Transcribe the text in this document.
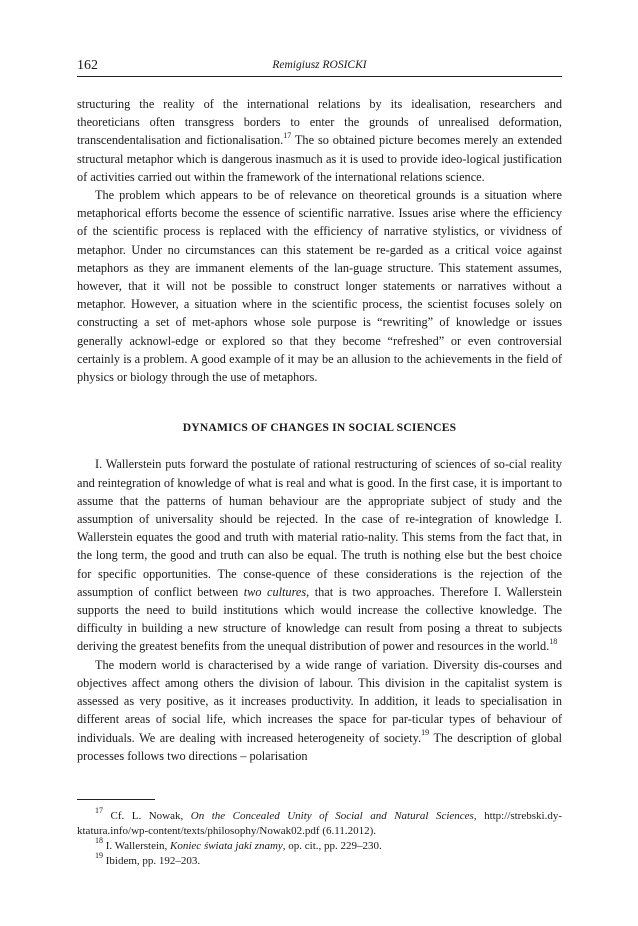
162	Remigiusz ROSICKI

structuring the reality of the international relations by its idealisation, researchers and theoreticians often transgress borders to enter the grounds of unrealised deformation, transcendentalisation and fictionalisation.$^{17}$ The so obtained picture becomes merely an extended structural metaphor which is dangerous inasmuch as it is used to provide ideo-logical justification of activities carried out within the framework of the international relations science.

The problem which appears to be of relevance on theoretical grounds is a situation where metaphorical efforts become the essence of scientific narrative. Issues arise where the efficiency of the scientific process is replaced with the efficiency of narrative stylistics, or vividness of metaphor. Under no circumstances can this statement be re-garded as a critical voice against metaphors as they are immanent elements of the lan-guage structure. This statement assumes, however, that it will not be possible to construct longer statements or narratives without a metaphor. However, a situation where in the scientific process, the scientist focuses solely on constructing a set of met-aphors whose sole purpose is “rewriting” of knowledge or issues generally acknowl-edge or explored so that they become “refreshed” or even controversial certainly is a problem. A good example of it may be an allusion to the achievements in the field of physics or biology through the use of metaphors.

DYNAMICS OF CHANGES IN SOCIAL SCIENCES

I. Wallerstein puts forward the postulate of rational restructuring of sciences of so-cial reality and reintegration of knowledge of what is real and what is good. In the first case, it is important to assume that the patterns of human behaviour are the appropriate subject of study and the assumption of universality should be rejected. In the case of re-integration of knowledge I. Wallerstein equates the good and truth with material ratio-nality. This stems from the fact that, in the long term, the good and truth can also be equal. The truth is nothing else but the best choice for specific opportunities. The conse-quence of these considerations is the rejection of the assumption of conflict between two cultures, that is two approaches. Therefore I. Wallerstein supports the need to build institutions which would increase the collective knowledge. The difficulty in building a new structure of knowledge can result from posing a threat to subjects deriving the greatest benefits from the unequal distribution of power and resources in the world.$^{18}$

The modern world is characterised by a wide range of variation. Diversity dis-courses and objectives affect among others the division of labour. This division in the capitalist system is assessed as very positive, as it increases productivity. In addition, it leads to specialisation in different areas of social life, which increases the space for par-ticular types of behaviour of individuals. We are dealing with increased heterogeneity of society.$^{19}$ The description of global processes follows two directions – polarisation

$^{17}$ Cf. L. Nowak, On the Concealed Unity of Social and Natural Sciences, http://strebski.dy-ktatura.info/wp-content/texts/philosophy/Nowak02.pdf (6.11.2012).

$^{18}$ I. Wallerstein, Koniec świata jaki znamy, op. cit., pp. 229–230.

$^{19}$ Ibidem, pp. 192–203.
